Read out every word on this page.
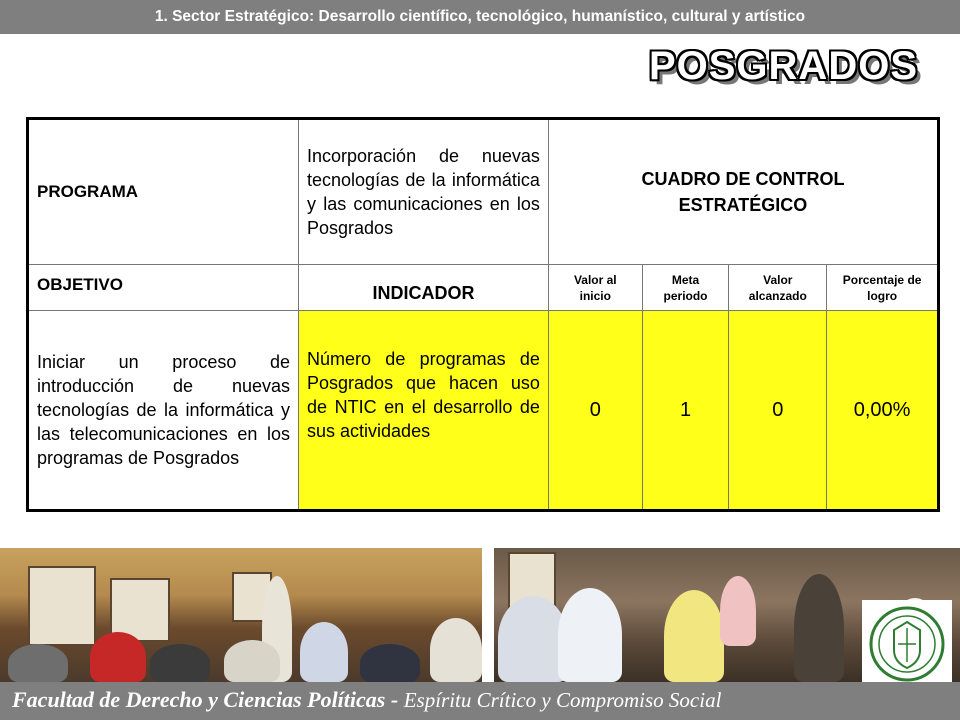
1. Sector Estratégico: Desarrollo científico, tecnológico, humanístico, cultural y artístico
POSGRADOS
PROGRAMA	Incorporación de nuevas tecnologías de la informática y las comunicaciones en los Posgrados	CUADRO DE CONTROL ESTRATÉGICO			

OBJETIVO	INDICADOR	Valor al inicio	Meta periodo	Valor alcanzado	Porcentaje de logro

Iniciar un proceso de introducción de nuevas tecnologías de la informática y las telecomunicaciones en los programas de Posgrados	Número de programas de Posgrados que hacen uso de NTIC en el desarrollo de sus actividades	0	1	0	0,00%
Facultad de Derecho y Ciencias Políticas - Espíritu Crítico y Compromiso Social
